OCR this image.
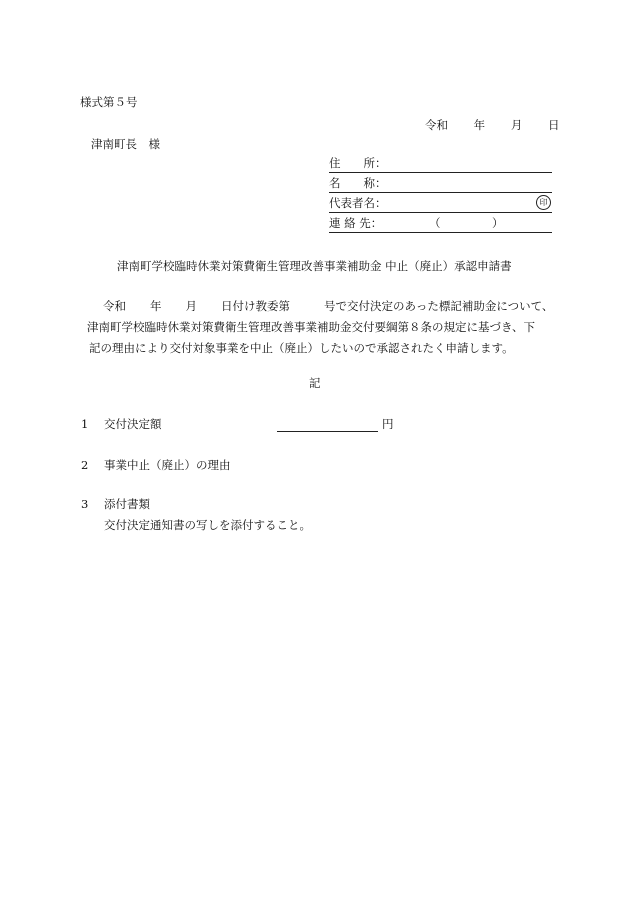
様式第５号
令和 年 月 日
津南町長　様
住　　所：
名　　称：
代表者名：	印
連 絡 先：	（	）
津南町学校臨時休業対策費衛生管理改善事業補助金 中止（廃止）承認申請書
令和 年 月 日付け教委第	号で交付決定のあった標記補助金について、
津南町学校臨時休業対策費衛生管理改善事業補助金交付要綱第８条の規定に基づき、下
記の理由により交付対象事業を中止（廃止）したいので承認されたく申請します。
記
1 交付決定額	円
2 事業中止（廃止）の理由
3 添付書類
交付決定通知書の写しを添付すること。
